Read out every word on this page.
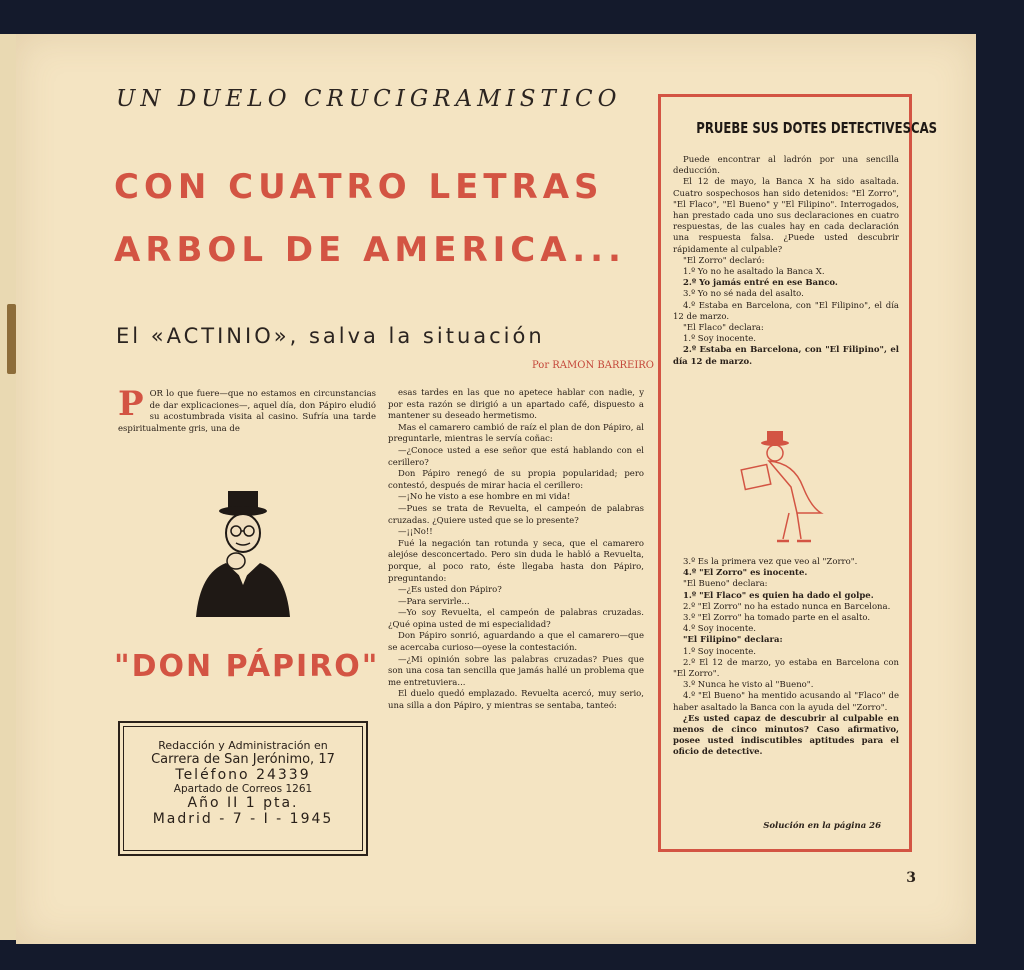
UN DUELO CRUCIGRAMISTICO
CON CUATRO LETRAS
ARBOL DE AMERICA...
El «ACTINIO», salva la situación
Por RAMON BARREIRO
P OR lo que fuere—que no estamos en circunstancias de dar explicaciones—, aquel día, don Pápiro eludió su acostumbrada visita al casino. Sufría una tarde espiritualmente gris, una de
"DON PÁPIRO"
Redacción y Administración en
Carrera de San Jerónimo, 17
Teléfono 24339
Apartado de Correos 1261
Año II 1 pta.
Madrid - 7 - I - 1945
esas tardes en las que no apetece hablar con nadie, y por esta razón se dirigió a un apartado café, dispuesto a mantener su deseado hermetismo.
Mas el camarero cambió de raíz el plan de don Pápiro, al preguntarle, mientras le servía coñac:
—¿Conoce usted a ese señor que está hablando con el cerillero?
Don Pápiro renegó de su propia popularidad; pero contestó, después de mirar hacia el cerillero:
—¡No he visto a ese hombre en mi vida!
—Pues se trata de Revuelta, el campeón de palabras cruzadas. ¿Quiere usted que se lo presente?
—¡¡No!!
Fué la negación tan rotunda y seca, que el camarero alejóse desconcertado. Pero sin duda le habló a Revuelta, porque, al poco rato, éste llegaba hasta don Pápiro, preguntando:
—¿Es usted don Pápiro?
—Para servirle...
—Yo soy Revuelta, el campeón de palabras cruzadas. ¿Qué opina usted de mi especialidad?
Don Pápiro sonrió, aguardando a que el camarero—que se acercaba curioso—oyese la contestación.
—¿Mi opinión sobre las palabras cruzadas? Pues que son una cosa tan sencilla que jamás hallé un problema que me entretuviera...
El duelo quedó emplazado. Revuelta acercó, muy serio, una silla a don Pápiro, y mientras se sentaba, tanteó:
PRUEBE SUS DOTES DETECTIVESCAS
Puede encontrar al ladrón por una sencilla deducción.
El 12 de mayo, la Banca X ha sido asaltada. Cuatro sospechosos han sido detenidos: "El Zorro", "El Flaco", "El Bueno" y "El Filipino". Interrogados, han prestado cada uno sus declaraciones en cuatro respuestas, de las cuales hay en cada declaración una respuesta falsa. ¿Puede usted descubrir rápidamente al culpable?
"El Zorro" declaró:
1.º Yo no he asaltado la Banca X.
2.º Yo jamás entré en ese Banco.
3.º Yo no sé nada del asalto.
4.º Estaba en Barcelona, con "El Filipino", el día 12 de marzo.
"El Flaco" declara:
1.º Soy inocente.
2.º Estaba en Barcelona, con "El Filipino", el día 12 de marzo.
3.º Es la primera vez que veo al "Zorro".
4.º "El Zorro" es inocente.
"El Bueno" declara:
1.º "El Flaco" es quien ha dado el golpe.
2.º "El Zorro" no ha estado nunca en Barcelona.
3.º "El Zorro" ha tomado parte en el asalto.
4.º Soy inocente.
"El Filipino" declara:
1.º Soy inocente.
2.º El 12 de marzo, yo estaba en Barcelona con "El Zorro".
3.º Nunca he visto al "Bueno".
4.º "El Bueno" ha mentido acusando al "Flaco" de haber asaltado la Banca con la ayuda del "Zorro".
¿Es usted capaz de descubrir al culpable en menos de cinco minutos? Caso afirmativo, posee usted indiscutibles aptitudes para el oficio de detective.
Solución en la página 26
3
